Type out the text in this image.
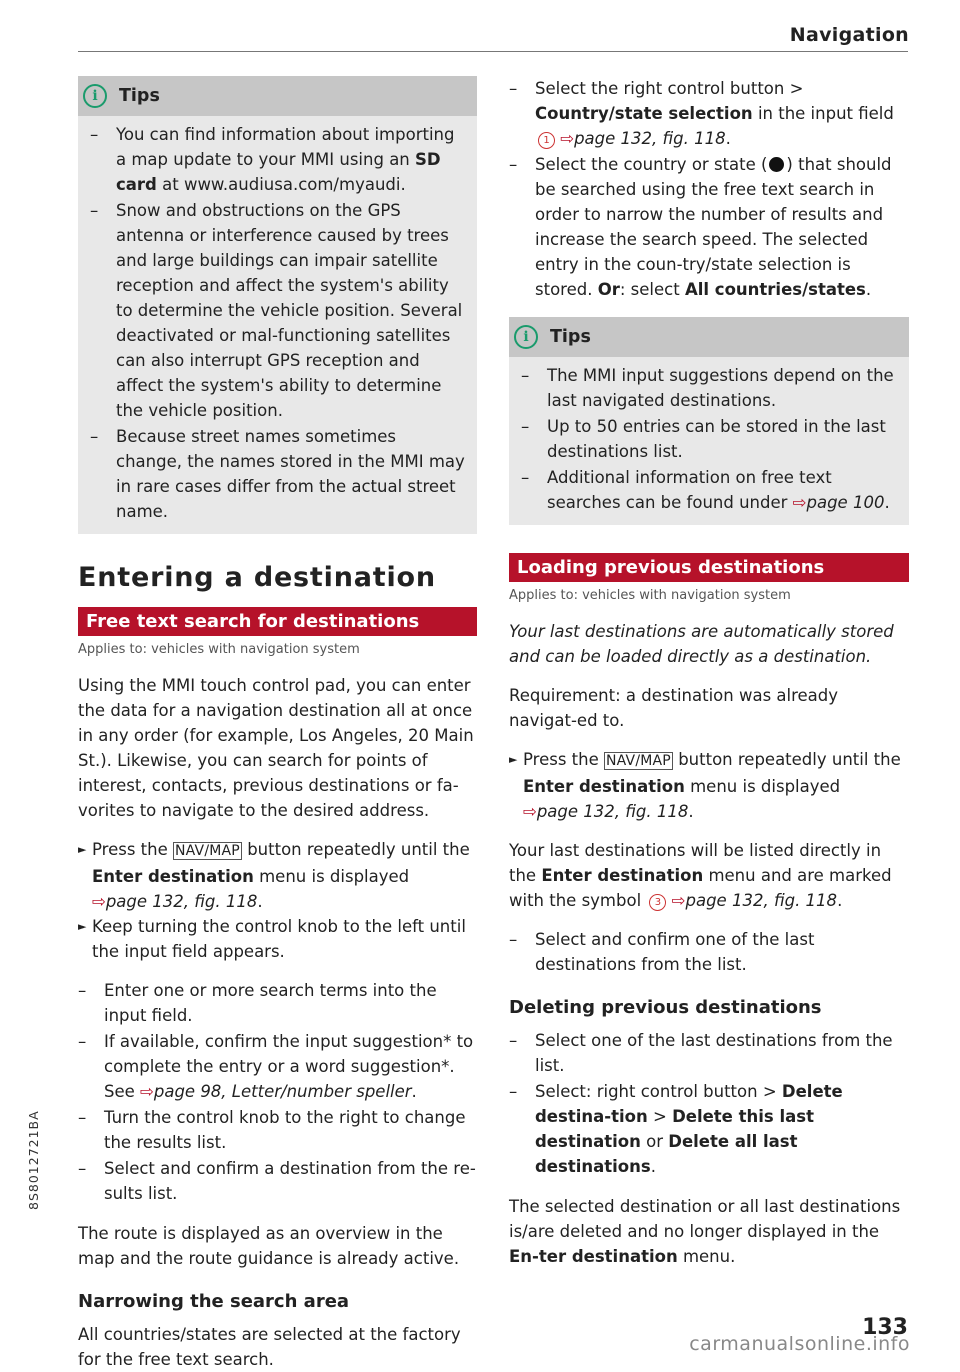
Navigation
i	Tips
–	You can find information about importing a map update to your MMI using an SD card at www.audiusa.com/myaudi.
–	Snow and obstructions on the GPS antenna or interference caused by trees and large buildings can impair satellite reception and affect the system's ability to determine the vehicle position. Several deactivated or mal-functioning satellites can also interrupt GPS reception and affect the system's ability to determine the vehicle position.
–	Because street names sometimes change, the names stored in the MMI may in rare cases differ from the actual street name.
Entering a destination
Free text search for destinations
Applies to: vehicles with navigation system

Using the MMI touch control pad, you can enter the data for a navigation destination all at once in any order (for example, Los Angeles, 20 Main St.). Likewise, you can search for points of interest, contacts, previous destinations or fa-vorites to navigate to the desired address.

► Press the NAV/MAP button repeatedly until the Enter destination menu is displayed
⇨page 132, fig. 118.
► Keep turning the control knob to the left until the input field appears.
–	Enter one or more search terms into the input field.
–	If available, confirm the input suggestion* to complete the entry or a word suggestion*. See ⇨page 98, Letter/number speller.
–	Turn the control knob to the right to change the results list.
–	Select and confirm a destination from the re-sults list.

The route is displayed as an overview in the map and the route guidance is already active.

Narrowing the search area

All countries/states are selected at the factory for the free text search.

–	Select the right control button > Country/state selection in the input field 1 ⇨page 132, fig. 118.
–	Select the country or state ( ) that should be searched using the free text search in order to narrow the number of results and increase the search speed. The selected entry in the coun-try/state selection is stored. Or: select All countries/states.
i	Tips
–	The MMI input suggestions depend on the last navigated destinations.
–	Up to 50 entries can be stored in the last destinations list.
–	Additional information on free text searches can be found under ⇨page 100.
Loading previous destinations
Applies to: vehicles with navigation system

Your last destinations are automatically stored and can be loaded directly as a destination.

Requirement: a destination was already navigat-ed to.

► Press the NAV/MAP button repeatedly until the Enter destination menu is displayed
⇨page 132, fig. 118.

Your last destinations will be listed directly in the Enter destination menu and are marked with the symbol 3 ⇨page 132, fig. 118.

–	Select and confirm one of the last destinations from the list.
Deleting previous destinations
–	Select one of the last destinations from the list.
–	Select: right control button > Delete destina-tion > Delete this last destination or Delete all last destinations.

The selected destination or all last destinations is/are deleted and no longer displayed in the En-ter destination menu.

8S8012721BA
133
carmanualsonline.info
